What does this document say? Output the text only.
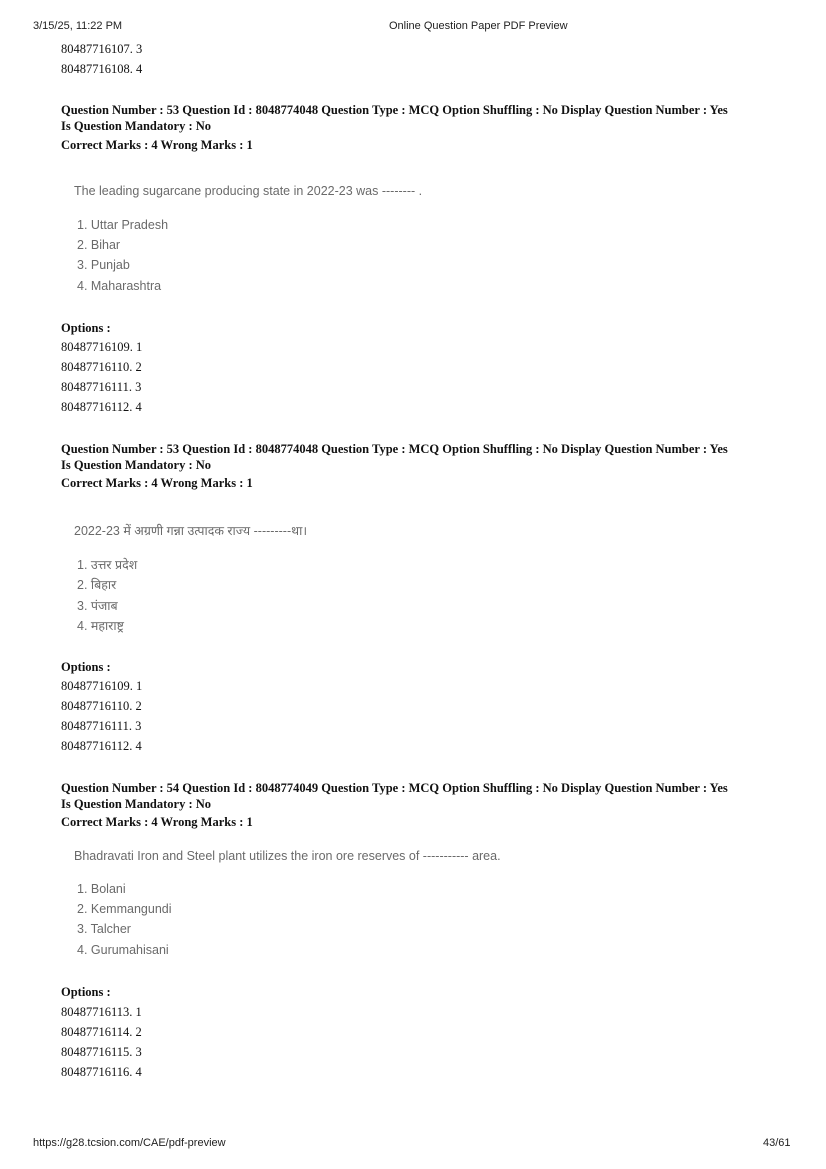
3/15/25, 11:22 PM	Online Question Paper PDF Preview
80487716107. 3
80487716108. 4
Question Number : 53 Question Id : 8048774048 Question Type : MCQ Option Shuffling : No Display Question Number : Yes
Is Question Mandatory : No
Correct Marks : 4 Wrong Marks : 1
The leading sugarcane producing state in 2022-23 was -------- .
1. Uttar Pradesh
2. Bihar
3. Punjab
4. Maharashtra
Options :
80487716109. 1
80487716110. 2
80487716111. 3
80487716112. 4
Question Number : 53 Question Id : 8048774048 Question Type : MCQ Option Shuffling : No Display Question Number : Yes
Is Question Mandatory : No
Correct Marks : 4 Wrong Marks : 1
2022-23 में अग्रणी गन्ना उत्पादक राज्य ---------था।
1. उत्तर प्रदेश
2. बिहार
3. पंजाब
4. महाराष्ट्र
Options :
80487716109. 1
80487716110. 2
80487716111. 3
80487716112. 4
Question Number : 54 Question Id : 8048774049 Question Type : MCQ Option Shuffling : No Display Question Number : Yes
Is Question Mandatory : No
Correct Marks : 4 Wrong Marks : 1
Bhadravati Iron and Steel plant utilizes the iron ore reserves of ----------- area.
1. Bolani
2. Kemmangundi
3. Talcher
4. Gurumahisani
Options :
80487716113. 1
80487716114. 2
80487716115. 3
80487716116. 4
https://g28.tcsion.com/CAE/pdf-preview	43/61
